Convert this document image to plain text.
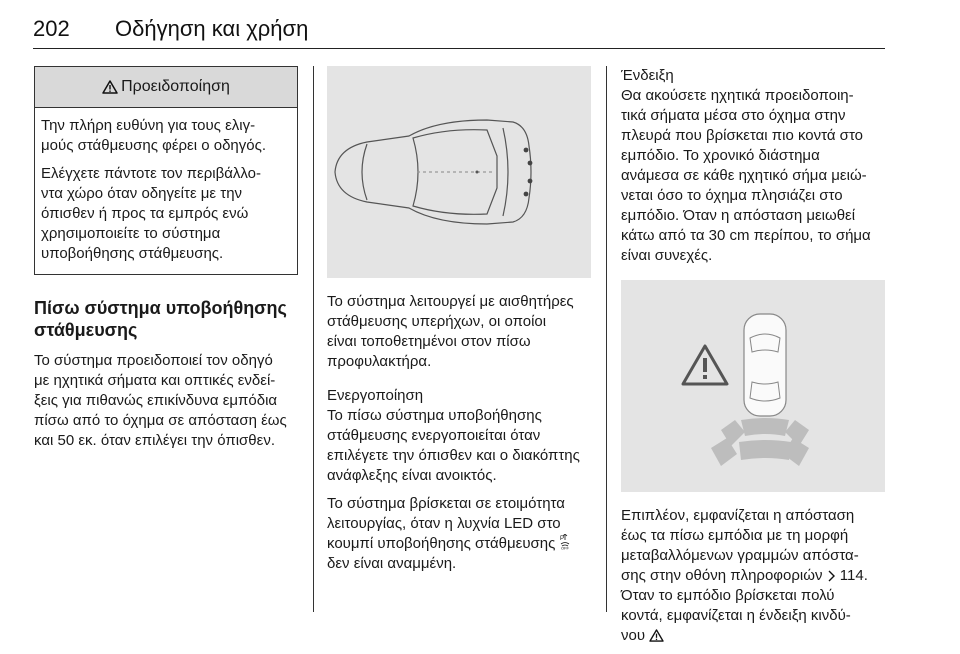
202 Οδήγηση και χρήση
Προειδοποίηση

Την πλήρη ευθύνη για τους ελιγ-
μούς στάθμευσης φέρει ο οδηγός.

Ελέγχετε πάντοτε τον περιβάλλο-
ντα χώρο όταν οδηγείτε με την
όπισθεν ή προς τα εμπρός ενώ
χρησιμοποιείτε το σύστημα
υποβοήθησης στάθμευσης.

Πίσω σύστημα υποβοήθησης
στάθμευσης

Το σύστημα προειδοποιεί τον οδηγό
με ηχητικά σήματα και οπτικές ενδεί-
ξεις για πιθανώς επικίνδυνα εμπόδια
πίσω από το όχημα σε απόσταση έως
και 50 εκ. όταν επιλέγει την όπισθεν.

Το σύστημα λειτουργεί με αισθητήρες
στάθμευσης υπερήχων, οι οποίοι
είναι τοποθετημένοι στον πίσω
προφυλακτήρα.

Ενεργοποίηση

Το πίσω σύστημα υποβοήθησης
στάθμευσης ενεργοποιείται όταν
επιλέγετε την όπισθεν και ο διακόπτης
ανάφλεξης είναι ανοικτός.

Το σύστημα βρίσκεται σε ετοιμότητα
λειτουργίας, όταν η λυχνία LED στο
κουμπί υποβοήθησης στάθμευσης P
OFF

δεν είναι αναμμένη.

Ένδειξη

Θα ακούσετε ηχητικά προειδοποιη-
τικά σήματα μέσα στο όχημα στην
πλευρά που βρίσκεται πιο κοντά στο
εμπόδιο. Το χρονικό διάστημα
ανάμεσα σε κάθε ηχητικό σήμα μειώ-
νεται όσο το όχημα πλησιάζει στο
εμπόδιο. Όταν η απόσταση μειωθεί
κάτω από τα 30 cm περίπου, το σήμα
είναι συνεχές.

Επιπλέον, εμφανίζεται η απόσταση
έως τα πίσω εμπόδια με τη μορφή
μεταβαλλόμενων γραμμών απόστα-
σης στην οθόνη πληροφοριών 114.
Όταν το εμπόδιο βρίσκεται πολύ
κοντά, εμφανίζεται η ένδειξη κινδύ-
νου
